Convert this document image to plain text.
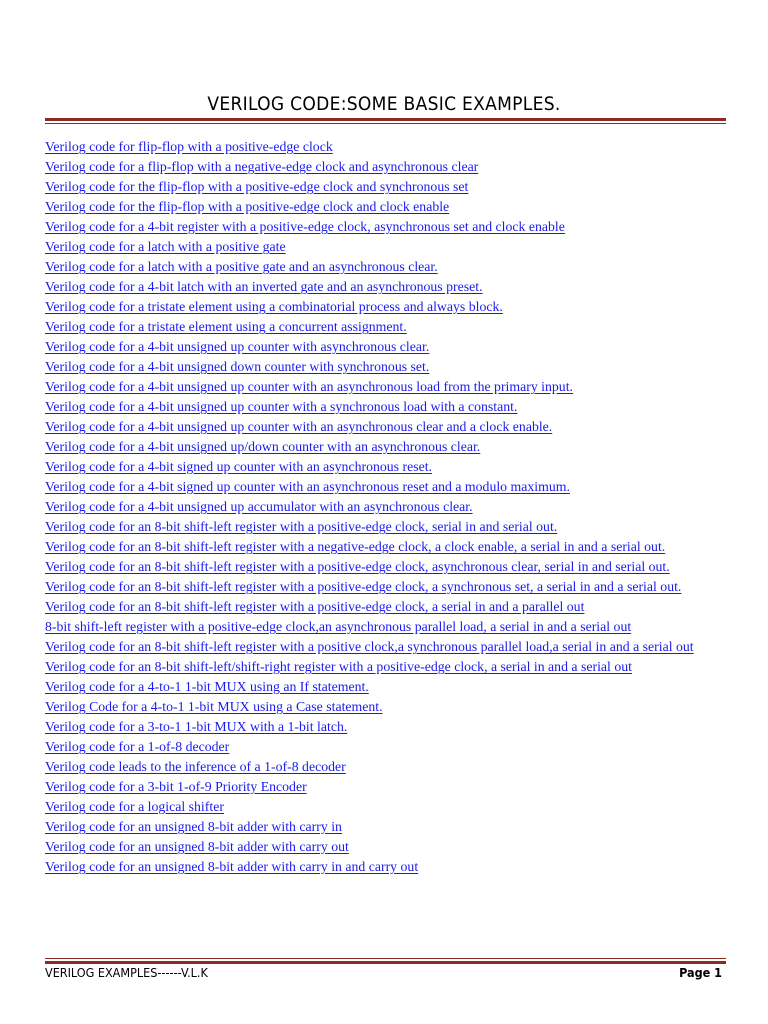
VERILOG CODE:SOME BASIC EXAMPLES.
Verilog code for flip-flop with a positive-edge clock
Verilog code for a flip-flop with a negative-edge clock and asynchronous clear
Verilog code for the flip-flop with a positive-edge clock and synchronous set
Verilog code for the flip-flop with a positive-edge clock and clock enable
Verilog code for a 4-bit register with a positive-edge clock, asynchronous set and clock enable
Verilog code for a latch with a positive gate
Verilog code for a latch with a positive gate and an asynchronous clear.
Verilog code for a 4-bit latch with an inverted gate and an asynchronous preset.
Verilog code for a tristate element using a combinatorial process and always block.
Verilog code for a tristate element using a concurrent assignment.
Verilog code for a 4-bit unsigned up counter with asynchronous clear.
Verilog code for a 4-bit unsigned down counter with synchronous set.
Verilog code for a 4-bit unsigned up counter with an asynchronous load from the primary input.
Verilog code for a 4-bit unsigned up counter with a synchronous load with a constant.
Verilog code for a 4-bit unsigned up counter with an asynchronous clear and a clock enable.
Verilog code for a 4-bit unsigned up/down counter with an asynchronous clear.
Verilog code for a 4-bit signed up counter with an asynchronous reset.
Verilog code for a 4-bit signed up counter with an asynchronous reset and a modulo maximum.
Verilog code for a 4-bit unsigned up accumulator with an asynchronous clear.
Verilog code for an 8-bit shift-left register with a positive-edge clock, serial in and serial out.
Verilog code for an 8-bit shift-left register with a negative-edge clock, a clock enable, a serial in and a serial out.
Verilog code for an 8-bit shift-left register with a positive-edge clock, asynchronous clear, serial in and serial out.
Verilog code for an 8-bit shift-left register with a positive-edge clock, a synchronous set, a serial in and a serial out.
Verilog code for an 8-bit shift-left register with a positive-edge clock, a serial in and a parallel out
8-bit shift-left register with a positive-edge clock,an asynchronous parallel load, a serial in and a serial out
Verilog code for an 8-bit shift-left register with a positive clock,a synchronous parallel load,a serial in and a serial out
Verilog code for an 8-bit shift-left/shift-right register with a positive-edge clock, a serial in and a serial out
Verilog code for a 4-to-1 1-bit MUX using an If statement.
Verilog Code for a 4-to-1 1-bit MUX using a Case statement.
Verilog code for a 3-to-1 1-bit MUX with a 1-bit latch.
Verilog code for a 1-of-8 decoder
Verilog code leads to the inference of a 1-of-8 decoder
Verilog code for a 3-bit 1-of-9 Priority Encoder
Verilog code for a logical shifter
Verilog code for an unsigned 8-bit adder with carry in
Verilog code for an unsigned 8-bit adder with carry out
Verilog code for an unsigned 8-bit adder with carry in and carry out
VERILOG EXAMPLES------V.L.K	Page 1
